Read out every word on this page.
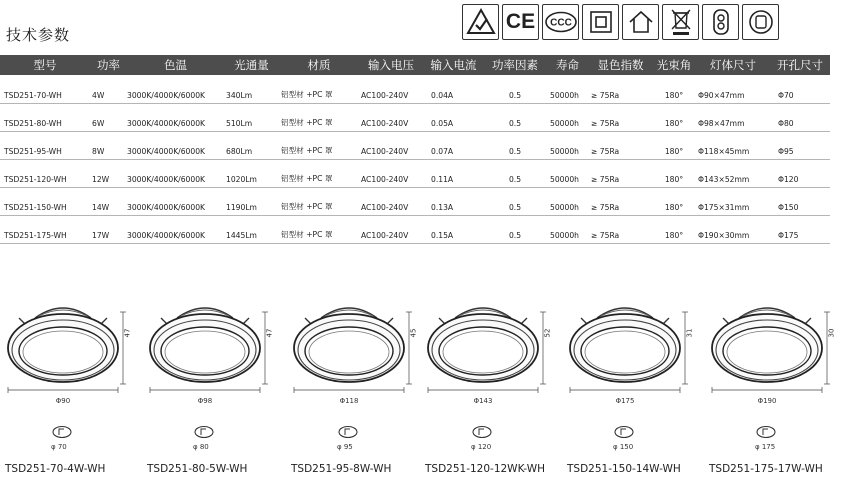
技术参数
CE CCC
型号	功率	色温	光通量	材质	输入电压	输入电流	功率因素	寿命	显色指数	光束角	灯体尺寸	开孔尺寸
TSD251-70-WH	4W	3000K/4000K/6000K	340Lm	铝型材 +PC 罩	AC100-240V	0.04A	0.5	50000h	≥ 75Ra	180°	Φ90×47mm	Φ70
TSD251-80-WH	6W	3000K/4000K/6000K	510Lm	铝型材 +PC 罩	AC100-240V	0.05A	0.5	50000h	≥ 75Ra	180°	Φ98×47mm	Φ80
TSD251-95-WH	8W	3000K/4000K/6000K	680Lm	铝型材 +PC 罩	AC100-240V	0.07A	0.5	50000h	≥ 75Ra	180°	Φ118×45mm	Φ95
TSD251-120-WH	12W	3000K/4000K/6000K	1020Lm	铝型材 +PC 罩	AC100-240V	0.11A	0.5	50000h	≥ 75Ra	180°	Φ143×52mm	Φ120
TSD251-150-WH	14W	3000K/4000K/6000K	1190Lm	铝型材 +PC 罩	AC100-240V	0.13A	0.5	50000h	≥ 75Ra	180°	Φ175×31mm	Φ150
TSD251-175-WH	17W	3000K/4000K/6000K	1445Lm	铝型材 +PC 罩	AC100-240V	0.15A	0.5	50000h	≥ 75Ra	180°	Φ190×30mm	Φ175
47
Φ90
φ 70
TSD251-70-4W-WH
47
Φ98
φ 80
TSD251-80-5W-WH
45
Φ118
φ 95
TSD251-95-8W-WH
52
Φ143
φ 120
TSD251-120-12WK-WH
31
Φ175
φ 150
TSD251-150-14W-WH
30
Φ190
φ 175
TSD251-175-17W-WH
